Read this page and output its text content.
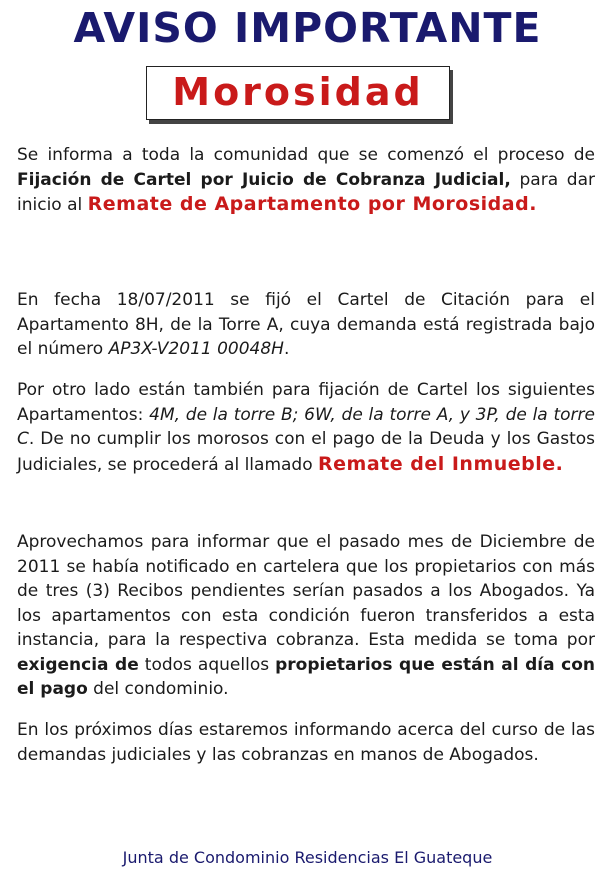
AVISO IMPORTANTE
Morosidad

Se informa a toda la comunidad que se comenzó el proceso de Fijación de Cartel por Juicio de Cobranza Judicial, para dar inicio al Remate de Apartamento por Morosidad.

En fecha 18/07/2011 se fijó el Cartel de Citación para el Apartamento 8H, de la Torre A, cuya demanda está registrada bajo el número AP3X-V2011 00048H.

Por otro lado están también para fijación de Cartel los siguientes Apartamentos: 4M, de la torre B; 6W, de la torre A, y 3P, de la torre C. De no cumplir los morosos con el pago de la Deuda y los Gastos Judiciales, se procederá al llamado Remate del Inmueble.

Aprovechamos para informar que el pasado mes de Diciembre de 2011 se había notificado en cartelera que los propietarios con más de tres (3) Recibos pendientes serían pasados a los Abogados. Ya los apartamentos con esta condición fueron transferidos a esta instancia, para la respectiva cobranza. Esta medida se toma por exigencia de todos aquellos propietarios que están al día con el pago del condominio.

En los próximos días estaremos informando acerca del curso de las demandas judiciales y las cobranzas en manos de Abogados.

Junta de Condominio Residencias El Guateque
